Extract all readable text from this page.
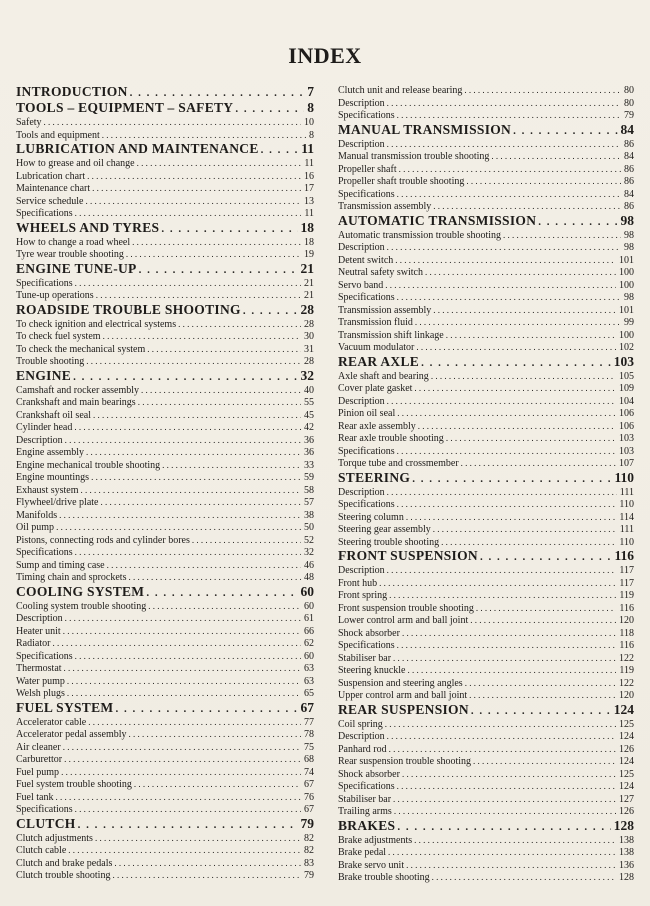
INDEX
INTRODUCTION . . .	7
TOOLS – EQUIPMENT – SAFETY . . .	8
Safety . . .	10
Tools and equipment . . .	8
LUBRICATION AND MAINTENANCE . . .	11
How to grease and oil change . . .	11
Lubrication chart . . .	16
Maintenance chart . . .	17
Service schedule . . .	13
Specifications . . .	11
WHEELS AND TYRES . . .	18
How to change a road wheel . . .	18
Tyre wear trouble shooting . . .	19
ENGINE TUNE-UP . . .	21
Specifications . . .	21
Tune-up operations . . .	21
ROADSIDE TROUBLE SHOOTING . . .	28
To check ignition and electrical systems . . .	28
To check fuel system . . .	30
To check the mechanical system . . .	31
Trouble shooting . . .	28
ENGINE . . .	32
Camshaft and rocker assembly . . .	40
Crankshaft and main bearings . . .	55
Crankshaft oil seal . . .	45
Cylinder head . . .	42
Description . . .	36
Engine assembly . . .	36
Engine mechanical trouble shooting . . .	33
Engine mountings . . .	59
Exhaust system . . .	58
Flywheel/drive plate . . .	57
Manifolds . . .	38
Oil pump . . .	50
Pistons, connecting rods and cylinder bores . . .	52
Specifications . . .	32
Sump and timing case . . .	46
Timing chain and sprockets . . .	48
COOLING SYSTEM . . .	60
Cooling system trouble shooting . . .	60
Description . . .	61
Heater unit . . .	66
Radiator . . .	62
Specifications . . .	60
Thermostat . . .	63
Water pump . . .	63
Welsh plugs . . .	65
FUEL SYSTEM . . .	67
Accelerator cable . . .	77
Accelerator pedal assembly . . .	78
Air cleaner . . .	75
Carburettor . . .	68
Fuel pump . . .	74
Fuel system trouble shooting . . .	67
Fuel tank . . .	76
Specifications . . .	67
CLUTCH . . .	79
Clutch adjustments . . .	82
Clutch cable . . .	82
Clutch and brake pedals . . .	83
Clutch trouble shooting . . .	79
Clutch unit and release bearing . . .	80
Description . . .	80
Specifications . . .	79
MANUAL TRANSMISSION . . .	84
Description . . .	86
Manual transmission trouble shooting . . .	84
Propeller shaft . . .	86
Propeller shaft trouble shooting . . .	86
Specifications . . .	84
Transmission assembly . . .	86
AUTOMATIC TRANSMISSION . . .	98
Automatic transmission trouble shooting . . .	98
Description . . .	98
Detent switch . . .	101
Neutral safety switch . . .	100
Servo band . . .	100
Specifications . . .	98
Transmission assembly . . .	101
Transmission fluid . . .	99
Transmission shift linkage . . .	100
Vacuum modulator . . .	102
REAR AXLE . . .	103
Axle shaft and bearing . . .	105
Cover plate gasket . . .	109
Description . . .	104
Pinion oil seal . . .	106
Rear axle assembly . . .	106
Rear axle trouble shooting . . .	103
Specifications . . .	103
Torque tube and crossmember . . .	107
STEERING . . .	110
Description . . .	111
Specifications . . .	110
Steering column . . .	114
Steering gear assembly . . .	111
Steering trouble shooting . . .	110
FRONT SUSPENSION . . .	116
Description . . .	117
Front hub . . .	117
Front spring . . .	119
Front suspension trouble shooting . . .	116
Lower control arm and ball joint . . .	120
Shock absorber . . .	118
Specifications . . .	116
Stabiliser bar . . .	122
Steering knuckle . . .	119
Suspension and steering angles . . .	122
Upper control arm and ball joint . . .	120
REAR SUSPENSION . . .	124
Coil spring . . .	125
Description . . .	124
Panhard rod . . .	126
Rear suspension trouble shooting . . .	124
Shock absorber . . .	125
Specifications . . .	124
Stabiliser bar . . .	127
Trailing arms . . .	126
BRAKES . . .	128
Brake adjustments . . .	138
Brake pedal . . .	138
Brake servo unit . . .	136
Brake trouble shooting . . .	128
